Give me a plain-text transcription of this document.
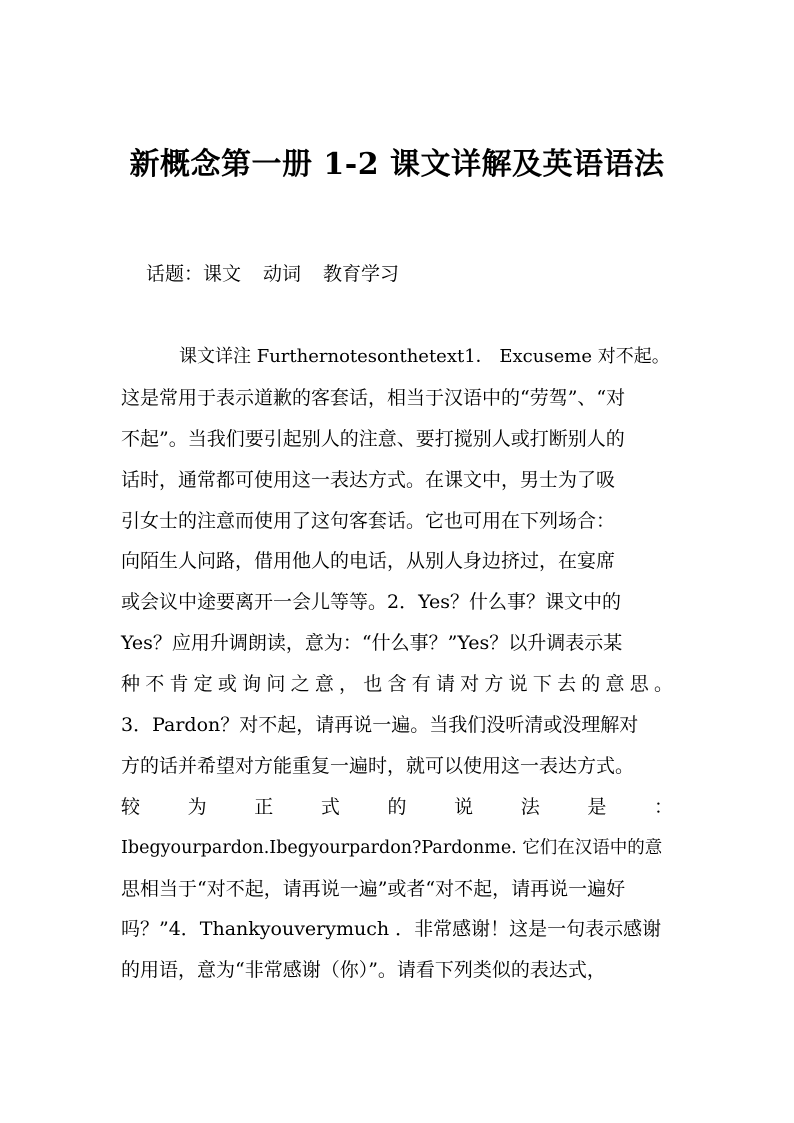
新概念第一册 1-2 课文详解及英语语法
话题：课文 动词 教育学习
课文详注 Furthernotesonthetext1． Excuseme 对不起。
这是常用于表示道歉的客套话，相当于汉语中的“劳驾”、“对
不起”。当我们要引起别人的注意、要打搅别人或打断别人的
话时，通常都可使用这一表达方式。在课文中，男士为了吸
引女士的注意而使用了这句客套话。它也可用在下列场合：
向陌生人问路，借用他人的电话，从别人身边挤过，在宴席
或会议中途要离开一会儿等等。2．Yes？什么事？课文中的
Yes？应用升调朗读，意为：“什么事？”Yes？以升调表示某
种不肯定或询问之意，也含有请对方说下去的意思。
3．Pardon？对不起，请再说一遍。当我们没听清或没理解对
方的话并希望对方能重复一遍时，就可以使用这一表达方式。
较 为 正 式 的 说 法 是 ：
Ibegyourpardon.Ibegyourpardon?Pardonme. 它们在汉语中的意
思相当于“对不起，请再说一遍”或者“对不起，请再说一遍好
吗？”4．Thankyouverymuch ．非常感谢！这是一句表示感谢
的用语，意为“非常感谢（你）”。请看下列类似的表达式，
